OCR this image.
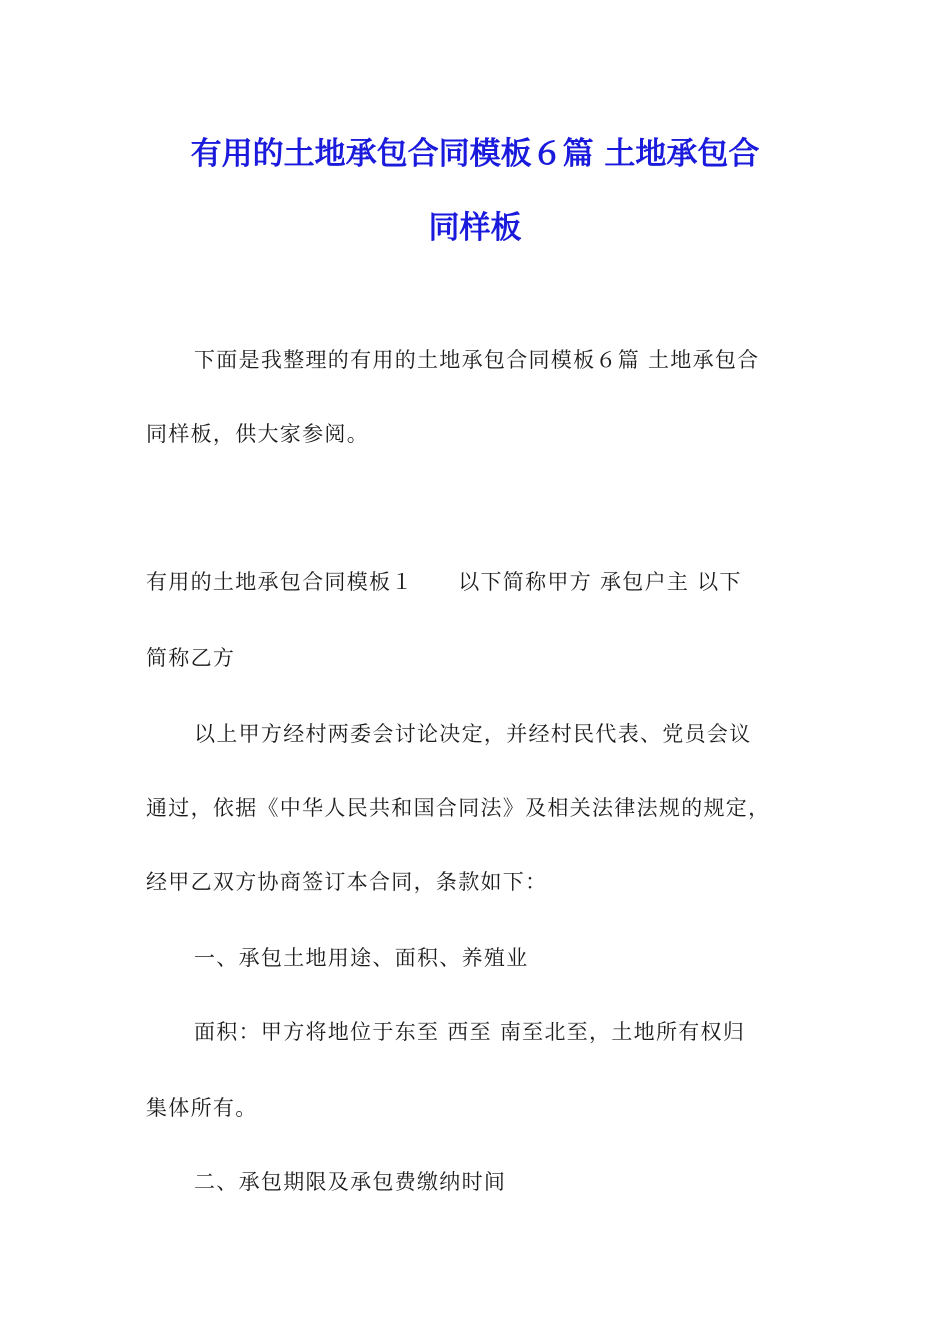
有用的土地承包合同模板６篇 土地承包合
同样板
下面是我整理的有用的土地承包合同模板６篇 土地承包合
同样板，供大家参阅。
有用的土地承包合同模板１　　以下简称甲方 承包户主 以下
简称乙方
以上甲方经村两委会讨论决定，并经村民代表、党员会议
通过，依据《中华人民共和国合同法》及相关法律法规的规定，
经甲乙双方协商签订本合同，条款如下：
一、承包土地用途、面积、养殖业
面积：甲方将地位于东至 西至 南至北至，土地所有权归
集体所有。
二、承包期限及承包费缴纳时间
